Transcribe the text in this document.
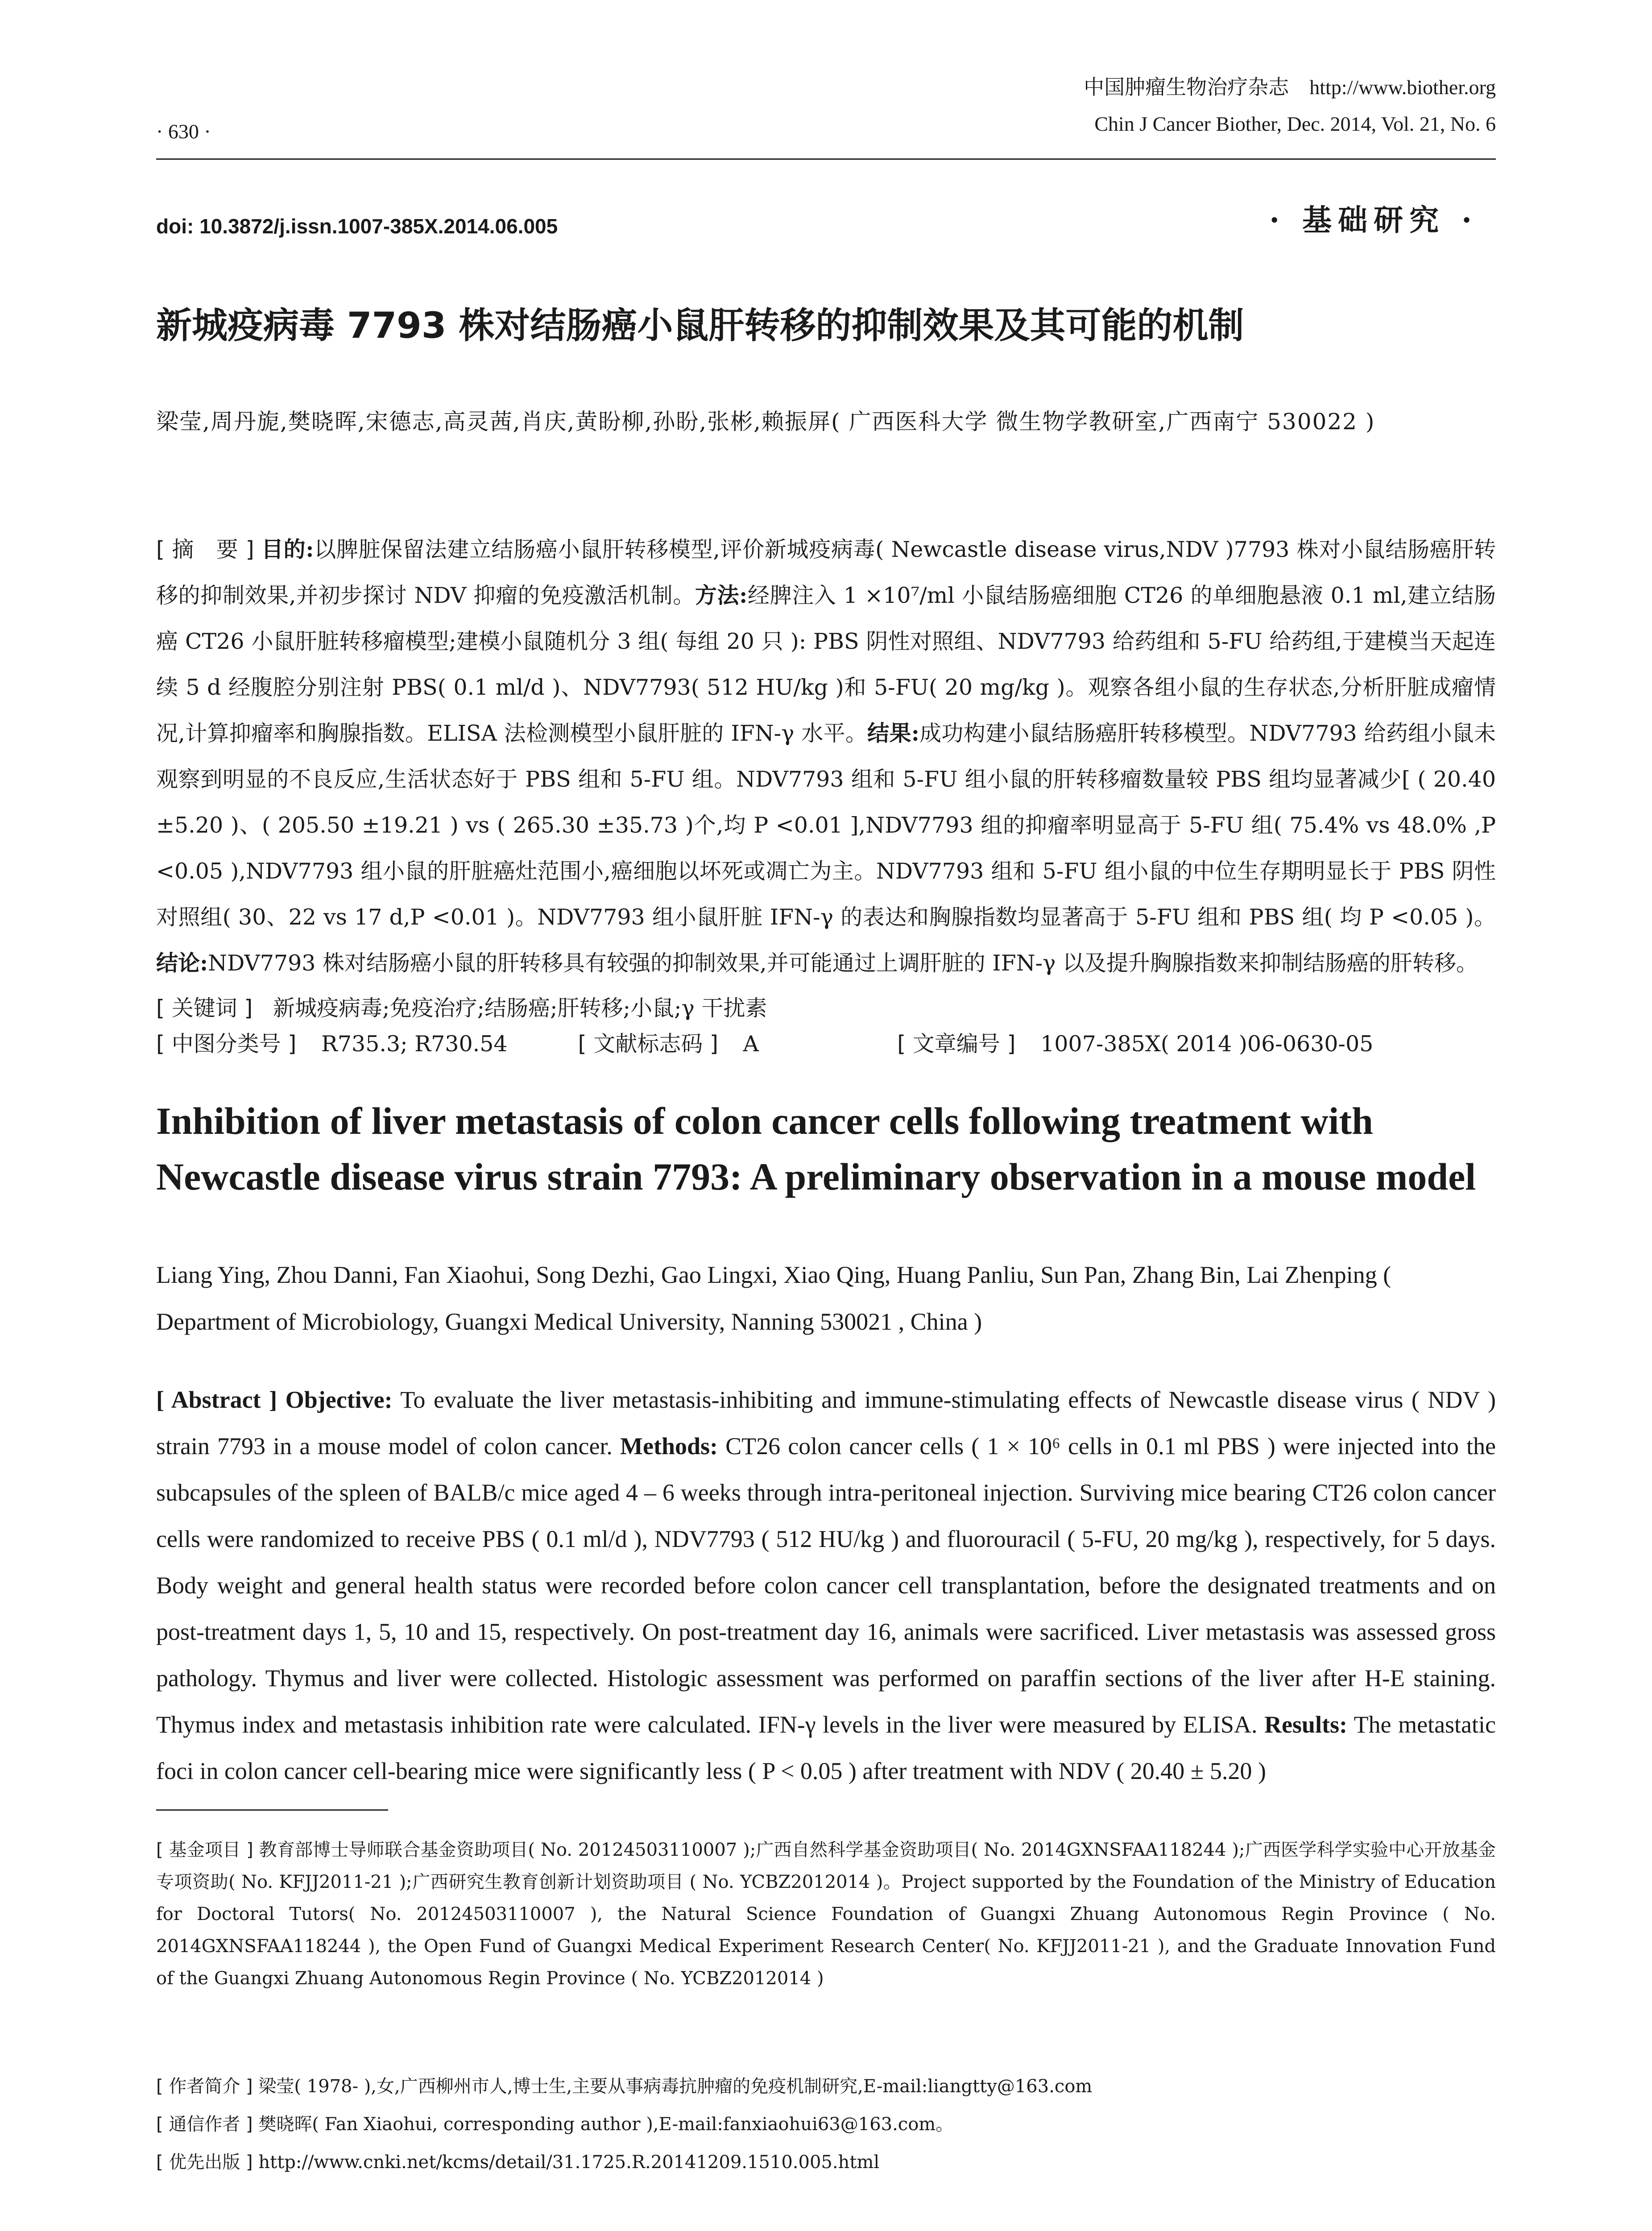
中国肿瘤生物治疗杂志　 http://www.biother.org
Chin J Cancer Biother, Dec. 2014, Vol. 21, No. 6
· 630 ·
doi: 10.3872/j.issn.1007-385X.2014.06.005	· 基础研究 ·
新城疫病毒 7793 株对结肠癌小鼠肝转移的抑制效果及其可能的机制
梁莹,周丹旎,樊晓晖,宋德志,高灵茜,肖庆,黄盼柳,孙盼,张彬,赖振屏( 广西医科大学 微生物学教研室,广西南宁 530022 )
[ 摘　要 ] 目的:以脾脏保留法建立结肠癌小鼠肝转移模型,评价新城疫病毒( Newcastle disease virus,NDV )7793 株对小鼠结肠癌肝转移的抑制效果,并初步探讨 NDV 抑瘤的免疫激活机制。方法:经脾注入 1 ×10⁷/ml 小鼠结肠癌细胞 CT26 的单细胞悬液 0.1 ml,建立结肠癌 CT26 小鼠肝脏转移瘤模型;建模小鼠随机分 3 组( 每组 20 只 ): PBS 阴性对照组、NDV7793 给药组和 5-FU 给药组,于建模当天起连续 5 d 经腹腔分别注射 PBS( 0.1 ml/d )、NDV7793( 512 HU/kg )和 5-FU( 20 mg/kg )。观察各组小鼠的生存状态,分析肝脏成瘤情况,计算抑瘤率和胸腺指数。ELISA 法检测模型小鼠肝脏的 IFN-γ 水平。结果:成功构建小鼠结肠癌肝转移模型。NDV7793 给药组小鼠未观察到明显的不良反应,生活状态好于 PBS 组和 5-FU 组。NDV7793 组和 5-FU 组小鼠的肝转移瘤数量较 PBS 组均显著减少[ ( 20.40 ±5.20 )、( 205.50 ±19.21 ) vs ( 265.30 ±35.73 )个,均 P <0.01 ],NDV7793 组的抑瘤率明显高于 5-FU 组( 75.4% vs 48.0% ,P <0.05 ),NDV7793 组小鼠的肝脏癌灶范围小,癌细胞以坏死或凋亡为主。NDV7793 组和 5-FU 组小鼠的中位生存期明显长于 PBS 阴性对照组( 30、22 vs 17 d,P <0.01 )。NDV7793 组小鼠肝脏 IFN-γ 的表达和胸腺指数均显著高于 5-FU 组和 PBS 组( 均 P <0.05 )。结论:NDV7793 株对结肠癌小鼠的肝转移具有较强的抑制效果,并可能通过上调肝脏的 IFN-γ 以及提升胸腺指数来抑制结肠癌的肝转移。
[ 关键词 ] 新城疫病毒;免疫治疗;结肠癌;肝转移;小鼠;γ 干扰素
[ 中图分类号 ] R735.3; R730.54	[ 文献标志码 ] A	[ 文章编号 ] 1007-385X( 2014 )06-0630-05
Inhibition of liver metastasis of colon cancer cells following treatment with Newcastle disease virus strain 7793: A preliminary observation in a mouse model
Liang Ying, Zhou Danni, Fan Xiaohui, Song Dezhi, Gao Lingxi, Xiao Qing, Huang Panliu, Sun Pan, Zhang Bin, Lai Zhenping ( Department of Microbiology, Guangxi Medical University, Nanning 530021 , China )
[ Abstract ] Objective: To evaluate the liver metastasis-inhibiting and immune-stimulating effects of Newcastle disease virus ( NDV ) strain 7793 in a mouse model of colon cancer. Methods: CT26 colon cancer cells ( 1 × 10⁶ cells in 0.1 ml PBS ) were injected into the subcapsules of the spleen of BALB/c mice aged 4 – 6 weeks through intra-peritoneal injection. Surviving mice bearing CT26 colon cancer cells were randomized to receive PBS ( 0.1 ml/d ), NDV7793 ( 512 HU/kg ) and fluorouracil ( 5-FU, 20 mg/kg ), respectively, for 5 days. Body weight and general health status were recorded before colon cancer cell transplantation, before the designated treatments and on post-treatment days 1, 5, 10 and 15, respectively. On post-treatment day 16, animals were sacrificed. Liver metastasis was assessed gross pathology. Thymus and liver were collected. Histologic assessment was performed on paraffin sections of the liver after H-E staining. Thymus index and metastasis inhibition rate were calculated. IFN-γ levels in the liver were measured by ELISA. Results: The metastatic foci in colon cancer cell-bearing mice were significantly less ( P < 0.05 ) after treatment with NDV ( 20.40 ± 5.20 )
[ 基金项目 ] 教育部博士导师联合基金资助项目( No. 20124503110007 );广西自然科学基金资助项目( No. 2014GXNSFAA118244 );广西医学科学实验中心开放基金专项资助( No. KFJJ2011-21 );广西研究生教育创新计划资助项目 ( No. YCBZ2012014 )。Project supported by the Foundation of the Ministry of Education for Doctoral Tutors( No. 20124503110007 ), the Natural Science Foundation of Guangxi Zhuang Autonomous Regin Province ( No. 2014GXNSFAA118244 ), the Open Fund of Guangxi Medical Experiment Research Center( No. KFJJ2011-21 ), and the Graduate Innovation Fund of the Guangxi Zhuang Autonomous Regin Province ( No. YCBZ2012014 )
[ 作者简介 ] 梁莹( 1978- ),女,广西柳州市人,博士生,主要从事病毒抗肿瘤的免疫机制研究,E-mail:liangtty@163.com
[ 通信作者 ] 樊晓晖( Fan Xiaohui, corresponding author ),E-mail:fanxiaohui63@163.com。
[ 优先出版 ] http://www.cnki.net/kcms/detail/31.1725.R.20141209.1510.005.html
